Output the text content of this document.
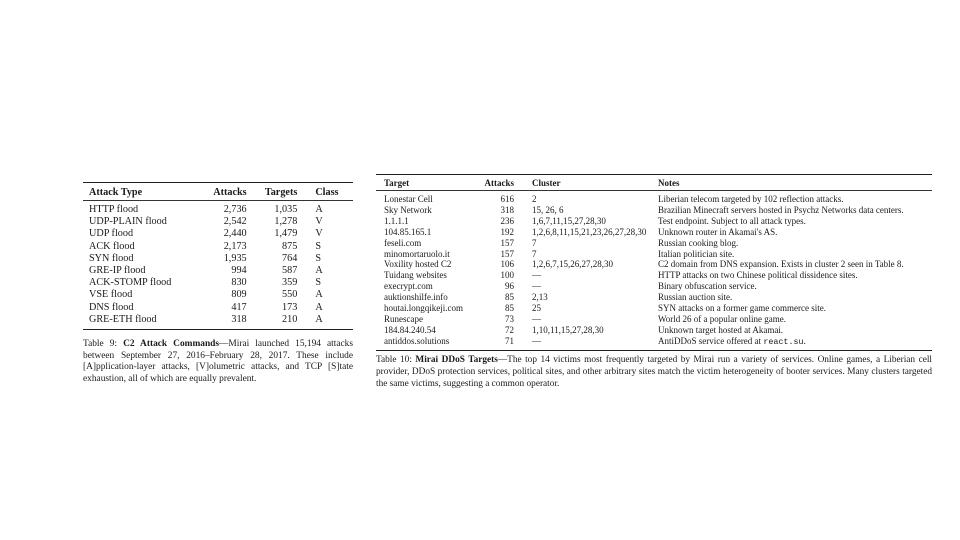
Attack Type	Attacks	Targets	Class
HTTP flood	2,736	1,035	A
UDP-PLAIN flood	2,542	1,278	V
UDP flood	2,440	1,479	V
ACK flood	2,173	875	S
SYN flood	1,935	764	S
GRE-IP flood	994	587	A
ACK-STOMP flood	830	359	S
VSE flood	809	550	A
DNS flood	417	173	A
GRE-ETH flood	318	210	A
Table 9: C2 Attack Commands—Mirai launched 15,194 attacks between September 27, 2016–February 28, 2017. These include [A]pplication-layer attacks, [V]olumetric attacks, and TCP [S]tate exhaustion, all of which are equally prevalent.
Target	Attacks	Cluster	Notes
Lonestar Cell	616	2	Liberian telecom targeted by 102 reflection attacks.
Sky Network	318	15, 26, 6	Brazilian Minecraft servers hosted in Psychz Networks data centers.
1.1.1.1	236	1,6,7,11,15,27,28,30	Test endpoint. Subject to all attack types.
104.85.165.1	192	1,2,6,8,11,15,21,23,26,27,28,30	Unknown router in Akamai's AS.
feseli.com	157	7	Russian cooking blog.
minomortaruolo.it	157	7	Italian politician site.
Voxility hosted C2	106	1,2,6,7,15,26,27,28,30	C2 domain from DNS expansion. Exists in cluster 2 seen in Table 8.
Tuidang websites	100	—	HTTP attacks on two Chinese political dissidence sites.
execrypt.com	96	—	Binary obfuscation service.
auktionshilfe.info	85	2,13	Russian auction site.
houtai.longqikeji.com	85	25	SYN attacks on a former game commerce site.
Runescape	73	—	World 26 of a popular online game.
184.84.240.54	72	1,10,11,15,27,28,30	Unknown target hosted at Akamai.
antiddos.solutions	71	—	AntiDDoS service offered at react.su.
Table 10: Mirai DDoS Targets—The top 14 victims most frequently targeted by Mirai run a variety of services. Online games, a Liberian cell provider, DDoS protection services, political sites, and other arbitrary sites match the victim heterogeneity of booter services. Many clusters targeted the same victims, suggesting a common operator.
